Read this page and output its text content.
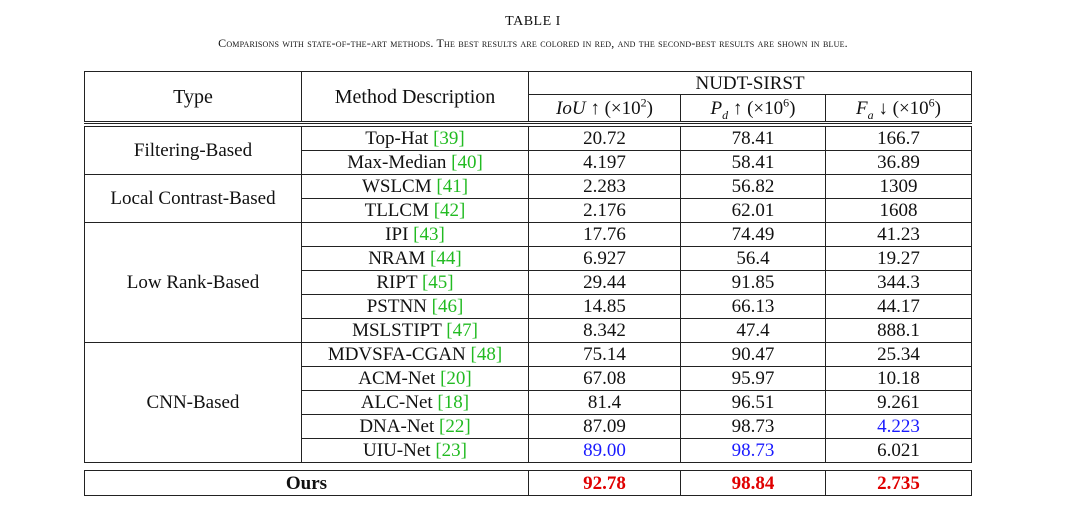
TABLE I
Comparisons with state-of-the-art methods. The best results are colored in red, and the second-best results are shown in blue.
Type	Method Description	NUDT-SIRST		
		IoU ↑ $(\times 10^2)$	$P_d$ ↑ $(\times 10^6)$	$F_a$ ↓ $(\times 10^6)$

Filtering-Based	Top-Hat [39]	20.72	78.41	166.7
	Max-Median [40]	4.197	58.41	36.89
Local Contrast-Based	WSLCM [41]	2.283	56.82	1309
	TLLCM [42]	2.176	62.01	1608
Low Rank-Based	IPI [43]	17.76	74.49	41.23
	NRAM [44]	6.927	56.4	19.27
	RIPT [45]	29.44	91.85	344.3
	PSTNN [46]	14.85	66.13	44.17
	MSLSTIPT [47]	8.342	47.4	888.1
CNN-Based	MDVSFA-CGAN [48]	75.14	90.47	25.34
	ACM-Net [20]	67.08	95.97	10.18
	ALC-Net [18]	81.4	96.51	9.261
	DNA-Net [22]	87.09	98.73	4.223
	UIU-Net [23]	89.00	98.73	6.021

Ours		92.78	98.84	2.735
